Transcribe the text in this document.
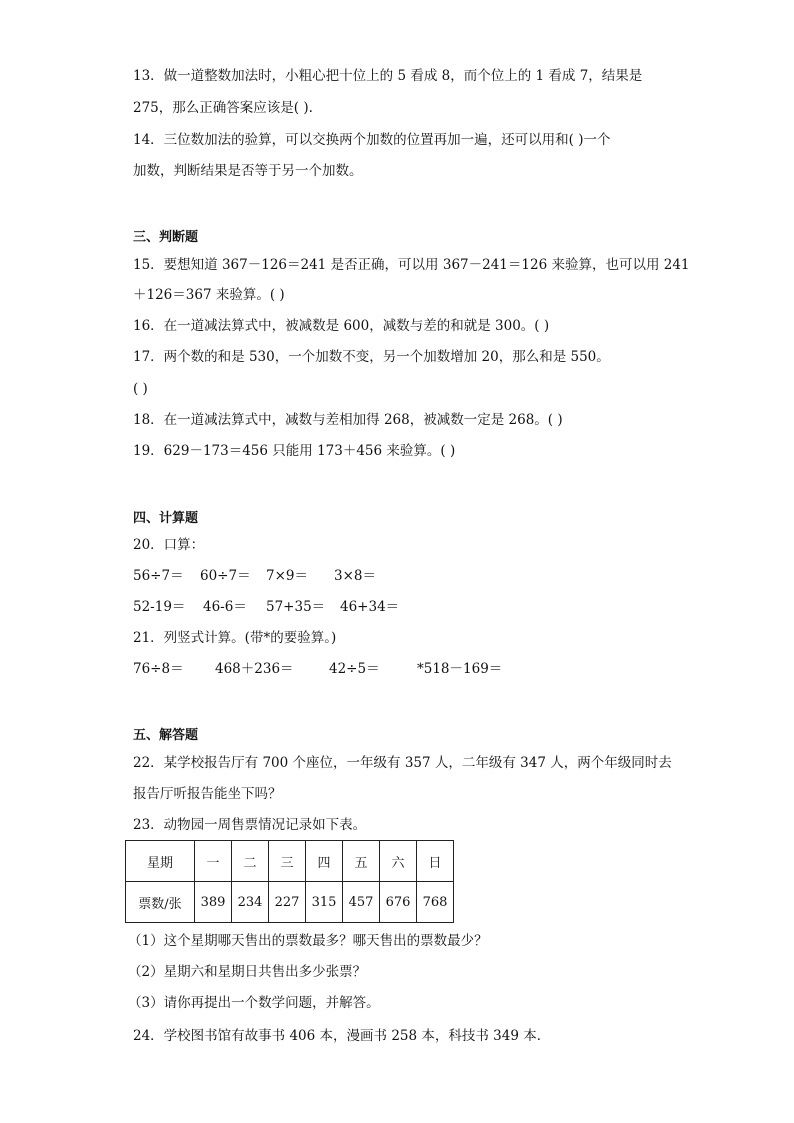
13．做一道整数加法时，小粗心把十位上的 5 看成 8，而个位上的 1 看成 7，结果是
275，那么正确答案应该是( ).
14．三位数加法的验算，可以交换两个加数的位置再加一遍，还可以用和( )一个
加数，判断结果是否等于另一个加数。
三、判断题
15．要想知道 367－126＝241 是否正确，可以用 367－241＝126 来验算，也可以用 241
＋126＝367 来验算。( )
16．在一道减法算式中，被减数是 600，减数与差的和就是 300。( )
17．两个数的和是 530，一个加数不变，另一个加数增加 20，那么和是 550。
( )
18．在一道减法算式中，减数与差相加得 268，被减数一定是 268。( )
19．629－173＝456 只能用 173＋456 来验算。( )
四、计算题
20．口算：
56÷7＝ 60÷7＝ 7×9＝ 3×8＝
52-19＝ 46-6＝ 57+35＝ 46+34＝
21．列竖式计算。(带*的要验算。)
76÷8＝ 468＋236＝	42÷5＝	*518－169＝
五、解答题
22．某学校报告厅有 700 个座位，一年级有 357 人，二年级有 347 人，两个年级同时去
报告厅听报告能坐下吗？
23．动物园一周售票情况记录如下表。
星期	一	二	三	四	五	六	日
票数/张	389	234	227	315	457	676	768
（1）这个星期哪天售出的票数最多？哪天售出的票数最少？
（2）星期六和星期日共售出多少张票？
（3）请你再提出一个数学问题，并解答。
24．学校图书馆有故事书 406 本，漫画书 258 本，科技书 349 本．
